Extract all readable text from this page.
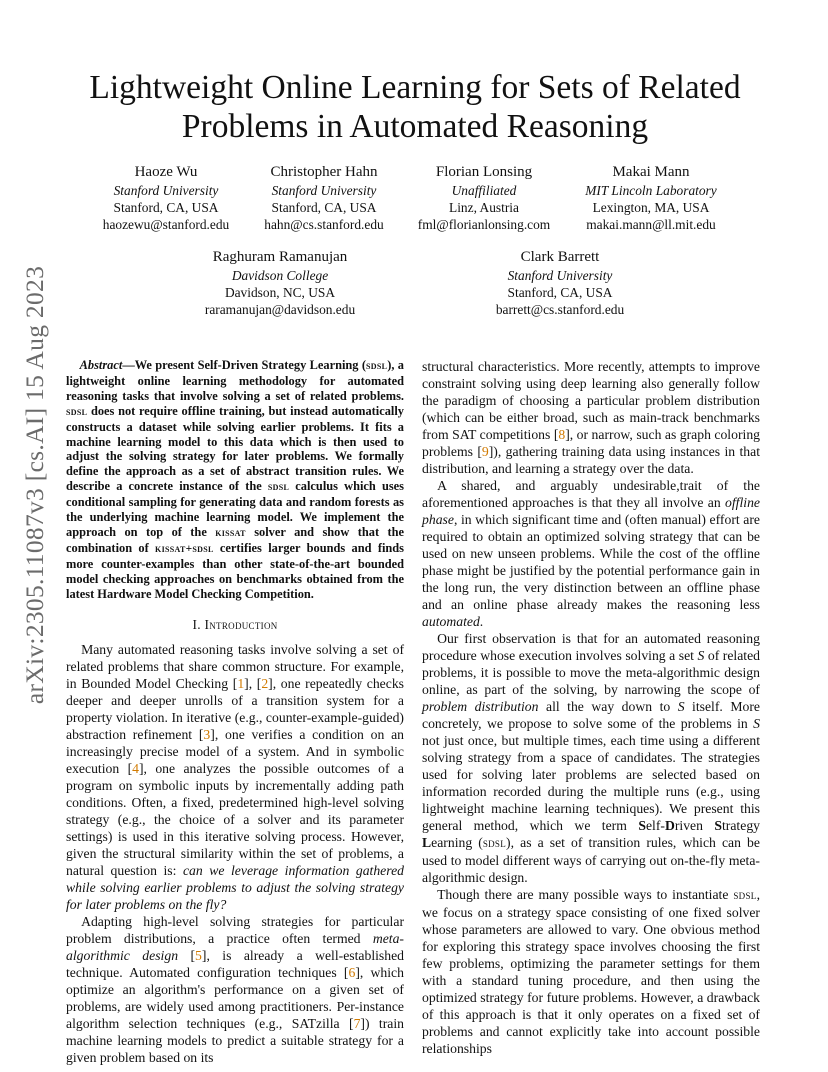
arXiv:2305.11087v3 [cs.AI] 15 Aug 2023
Lightweight Online Learning for Sets of Related Problems in Automated Reasoning
Haoze Wu
Stanford University
Stanford, CA, USA
haozewu@stanford.edu
Christopher Hahn
Stanford University
Stanford, CA, USA
hahn@cs.stanford.edu
Florian Lonsing
Unaffiliated
Linz, Austria
fml@florianlonsing.com
Makai Mann
MIT Lincoln Laboratory
Lexington, MA, USA
makai.mann@ll.mit.edu
Raghuram Ramanujan
Davidson College
Davidson, NC, USA
raramanujan@davidson.edu
Clark Barrett
Stanford University
Stanford, CA, USA
barrett@cs.stanford.edu

Abstract—We present Self-Driven Strategy Learning (sdsl), a lightweight online learning methodology for automated reasoning tasks that involve solving a set of related problems. sdsl does not require offline training, but instead automatically constructs a dataset while solving earlier problems. It fits a machine learning model to this data which is then used to adjust the solving strategy for later problems. We formally define the approach as a set of abstract transition rules. We describe a concrete instance of the sdsl calculus which uses conditional sampling for generating data and random forests as the underlying machine learning model. We implement the approach on top of the kissat solver and show that the combination of kissat+sdsl certifies larger bounds and finds more counter-examples than other state-of-the-art bounded model checking approaches on benchmarks obtained from the latest Hardware Model Checking Competition.

I. Introduction

Many automated reasoning tasks involve solving a set of related problems that share common structure. For example, in Bounded Model Checking [1], [2], one repeatedly checks deeper and deeper unrolls of a transition system for a property violation. In iterative (e.g., counter-example-guided) abstraction refinement [3], one verifies a condition on an increasingly precise model of a system. And in symbolic execution [4], one analyzes the possible outcomes of a program on symbolic inputs by incrementally adding path conditions. Often, a fixed, predetermined high-level solving strategy (e.g., the choice of a solver and its parameter settings) is used in this iterative solving process. However, given the structural similarity within the set of problems, a natural question is: can we leverage information gathered while solving earlier problems to adjust the solving strategy for later problems on the fly?

Adapting high-level solving strategies for particular problem distributions, a practice often termed meta-algorithmic design [5], is already a well-established technique. Automated configuration techniques [6], which optimize an algorithm's performance on a given set of problems, are widely used among practitioners. Per-instance algorithm selection techniques (e.g., SATzilla [7]) train machine learning models to predict a suitable strategy for a given problem based on its

structural characteristics. More recently, attempts to improve constraint solving using deep learning also generally follow the paradigm of choosing a particular problem distribution (which can be either broad, such as main-track benchmarks from SAT competitions [8], or narrow, such as graph coloring problems [9]), gathering training data using instances in that distribution, and learning a strategy over the data.

A shared, and arguably undesirable,trait of the aforementioned approaches is that they all involve an offline phase, in which significant time and (often manual) effort are required to obtain an optimized solving strategy that can be used on new unseen problems. While the cost of the offline phase might be justified by the potential performance gain in the long run, the very distinction between an offline phase and an online phase already makes the reasoning less automated.

Our first observation is that for an automated reasoning procedure whose execution involves solving a set S of related problems, it is possible to move the meta-algorithmic design online, as part of the solving, by narrowing the scope of problem distribution all the way down to S itself. More concretely, we propose to solve some of the problems in S not just once, but multiple times, each time using a different solving strategy from a space of candidates. The strategies used for solving later problems are selected based on information recorded during the multiple runs (e.g., using lightweight machine learning techniques). We present this general method, which we term Self-Driven Strategy Learning (sdsl), as a set of transition rules, which can be used to model different ways of carrying out on-the-fly meta-algorithmic design.

Though there are many possible ways to instantiate sdsl, we focus on a strategy space consisting of one fixed solver whose parameters are allowed to vary. One obvious method for exploring this strategy space involves choosing the first few problems, optimizing the parameter settings for them with a standard tuning procedure, and then using the optimized strategy for future problems. However, a drawback of this approach is that it only operates on a fixed set of problems and cannot explicitly take into account possible relationships
